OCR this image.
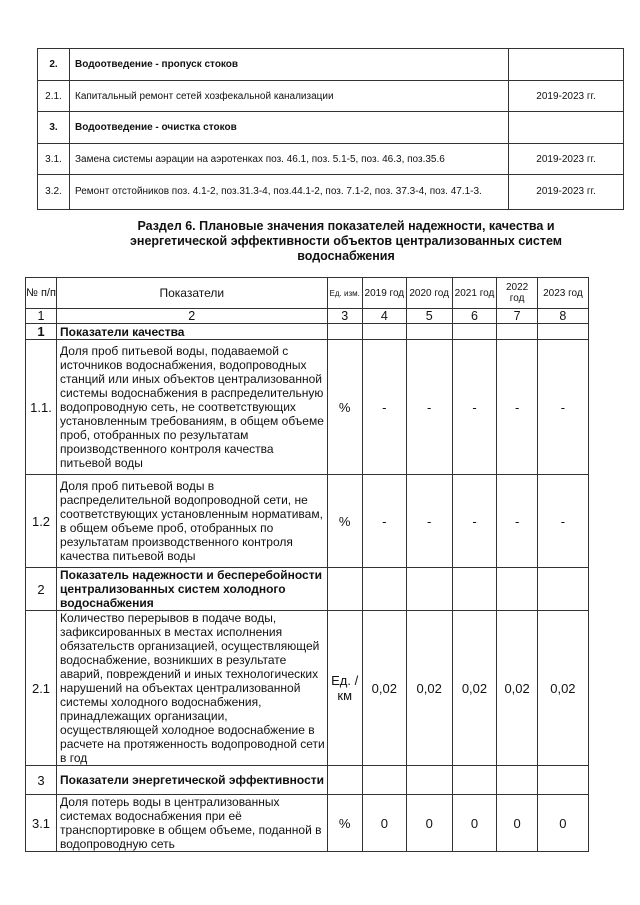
2.	Водоотведение - пропуск стоков	
2.1.	Капитальный ремонт сетей хозфекальной канализации	2019-2023 гг.
3.	Водоотведение - очистка стоков	
3.1.	Замена системы аэрации на аэротенках поз. 46.1, поз. 5.1-5, поз. 46.3, поз.35.6	2019-2023 гг.
3.2.	Ремонт отстойников поз. 4.1-2, поз.31.3-4, поз.44.1-2, поз. 7.1-2, поз. 37.3-4, поз. 47.1-3.	2019-2023 гг.
Раздел 6. Плановые значения показателей надежности, качества и энергетической эффективности объектов централизованных систем водоснабжения
№ п/п	Показатели	Ед. изм.	2019 год	2020 год	2021 год	2022 год	2023 год
1	2	3	4	5	6	7	8
1	Показатели качества						
1.1.	Доля проб питьевой воды, подаваемой с источников водоснабжения, водопроводных станций или иных объектов централизованной системы водоснабжения в распределительную водопроводную сеть, не соответствующих установленным требованиям, в общем объеме проб, отобранных по результатам производственного контроля качества питьевой воды	%	-	-	-	-	-
1.2	Доля проб питьевой воды в распределительной водопроводной сети, не соответствующих установленным нормативам, в общем объеме проб, отобранных по результатам производственного контроля качества питьевой воды	%	-	-	-	-	-
2	Показатель надежности и бесперебойности централизованных систем холодного водоснабжения						
2.1	Количество перерывов в подаче воды, зафиксированных в местах исполнения обязательств организацией, осуществляющей водоснабжение, возникших в результате аварий, повреждений и иных технологических нарушений на объектах централизованной системы холодного водоснабжения, принадлежащих организации, осуществляющей холодное водоснабжение в расчете на протяженность водопроводной сети в год	Ед. / км	0,02	0,02	0,02	0,02	0,02
3	Показатели энергетической эффективности						
3.1	Доля потерь воды в централизованных системах водоснабжения при её транспортировке в общем объеме, поданной в водопроводную сеть	%	0	0	0	0	0
